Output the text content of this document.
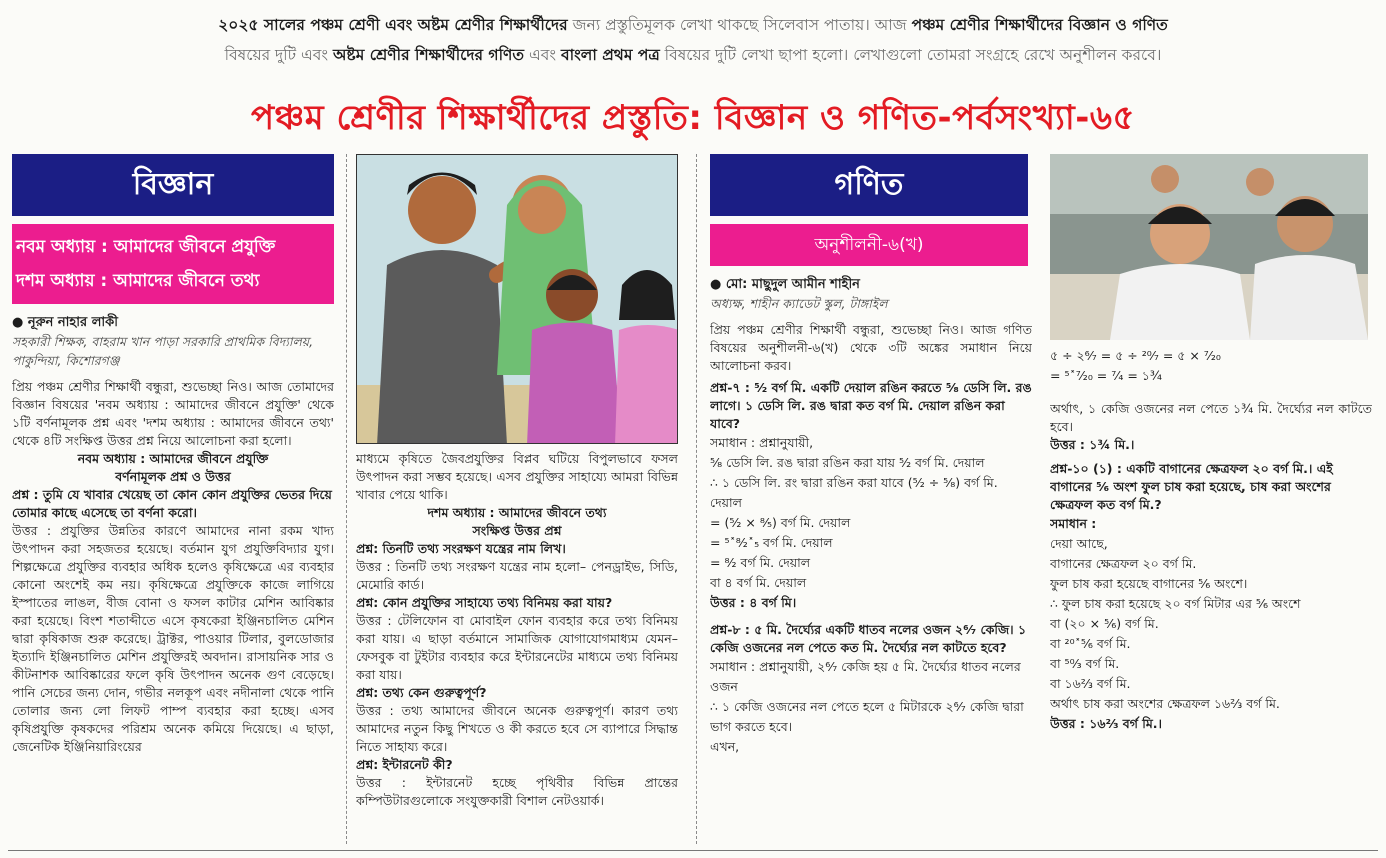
২০২৫ সালের পঞ্চম শ্রেণী এবং অষ্টম শ্রেণীর শিক্ষার্থীদের জন্য প্রস্তুতিমূলক লেখা থাকছে সিলেবাস পাতায়। আজ পঞ্চম শ্রেণীর শিক্ষার্থীদের বিজ্ঞান ও গণিত
বিষয়ের দুটি এবং অষ্টম শ্রেণীর শিক্ষার্থীদের গণিত এবং বাংলা প্রথম পত্র বিষয়ের দুটি লেখা ছাপা হলো। লেখাগুলো তোমরা সংগ্রহে রেখে অনুশীলন করবে।
পঞ্চম শ্রেণীর শিক্ষার্থীদের প্রস্তুতি: বিজ্ঞান ও গণিত-পর্বসংখ্যা-৬৫
বিজ্ঞান
নবম অধ্যায় : আমাদের জীবনে প্রযুক্তি
দশম অধ্যায় : আমাদের জীবনে তথ্য
● নূরুন নাহার লাকী
সহকারী শিক্ষক, বাহরাম খান পাড়া সরকারি প্রাথমিক বিদ্যালয়, পাকুন্দিয়া, কিশোরগঞ্জ

প্রিয় পঞ্চম শ্রেণীর শিক্ষার্থী বন্ধুরা, শুভেচ্ছা নিও। আজ তোমাদের বিজ্ঞান বিষয়ের 'নবম অধ্যায় : আমাদের জীবনে প্রযুক্তি' থেকে ১টি বর্ণনামূলক প্রশ্ন এবং 'দশম অধ্যায় : আমাদের জীবনে তথ্য' থেকে ৪টি সংক্ষিপ্ত উত্তর প্রশ্ন নিয়ে আলোচনা করা হলো।

নবম অধ্যায় : আমাদের জীবনে প্রযুক্তি

বর্ণনামূলক প্রশ্ন ও উত্তর

প্রশ্ন : তুমি যে খাবার খেয়েছ তা কোন কোন প্রযুক্তির ভেতর দিয়ে তোমার কাছে এসেছে তা বর্ণনা করো।

উত্তর : প্রযুক্তির উন্নতির কারণে আমাদের নানা রকম খাদ্য উৎপাদন করা সহজতর হয়েছে। বর্তমান যুগ প্রযুক্তিবিদ্যার যুগ। শিল্পক্ষেত্রে প্রযুক্তির ব্যবহার অধিক হলেও কৃষিক্ষেত্রে এর ব্যবহার কোনো অংশেই কম নয়। কৃষিক্ষেত্রে প্রযুক্তিকে কাজে লাগিয়ে ইস্পাতের লাঙল, বীজ বোনা ও ফসল কাটার মেশিন আবিষ্কার করা হয়েছে। বিংশ শতাব্দীতে এসে কৃষকেরা ইঞ্জিনচালিত মেশিন দ্বারা কৃষিকাজ শুরু করেছে। ট্রাক্টর, পাওয়ার টিলার, বুলডোজার ইত্যাদি ইঞ্জিনচালিত মেশিন প্রযুক্তিরই অবদান। রাসায়নিক সার ও কীটনাশক আবিষ্কারের ফলে কৃষি উৎপাদন অনেক গুণ বেড়েছে। পানি সেচের জন্য দোন, গভীর নলকূপ এবং নদীনালা থেকে পানি তোলার জন্য লো লিফট পাম্প ব্যবহার করা হচ্ছে। এসব কৃষিপ্রযুক্তি কৃষকদের পরিশ্রম অনেক কমিয়ে দিয়েছে। এ ছাড়া, জেনেটিক ইঞ্জিনিয়ারিংয়ের

মাধ্যমে কৃষিতে জৈবপ্রযুক্তির বিপ্লব ঘটিয়ে বিপুলভাবে ফসল উৎপাদন করা সম্ভব হয়েছে। এসব প্রযুক্তির সাহায্যে আমরা বিভিন্ন খাবার পেয়ে থাকি।

দশম অধ্যায় : আমাদের জীবনে তথ্য

সংক্ষিপ্ত উত্তর প্রশ্ন

প্রশ্ন: তিনটি তথ্য সংরক্ষণ যন্ত্রের নাম লিখ।

উত্তর : তিনটি তথ্য সংরক্ষণ যন্ত্রের নাম হলো– পেনড্রাইভ, সিডি, মেমোরি কার্ড।

প্রশ্ন: কোন প্রযুক্তির সাহায্যে তথ্য বিনিময় করা যায়?

উত্তর : টেলিফোন বা মোবাইল ফোন ব্যবহার করে তথ্য বিনিময় করা যায়। এ ছাড়া বর্তমানে সামাজিক যোগাযোগমাধ্যম যেমন– ফেসবুক বা টুইটার ব্যবহার করে ইন্টারনেটের মাধ্যমে তথ্য বিনিময় করা যায়।

প্রশ্ন: তথ্য কেন গুরুত্বপূর্ণ?

উত্তর : তথ্য আমাদের জীবনে অনেক গুরুত্বপূর্ণ। কারণ তথ্য আমাদের নতুন কিছু শিখতে ও কী করতে হবে সে ব্যাপারে সিদ্ধান্ত নিতে সাহায্য করে।

প্রশ্ন: ইন্টারনেট কী?

উত্তর : ইন্টারনেট হচ্ছে পৃথিবীর বিভিন্ন প্রান্তের কম্পিউটারগুলোকে সংযুক্তকারী বিশাল নেটওয়ার্ক।

গণিত
অনুশীলনী-৬(খ)
● মো: মাছুদুল আমীন শাহীন
অধ্যক্ষ, শাহীন ক্যাডেট স্কুল, টাঙ্গাইল

প্রিয় পঞ্চম শ্রেণীর শিক্ষার্থী বন্ধুরা, শুভেচ্ছা নিও। আজ গণিত বিষয়ের অনুশীলনী-৬(খ) থেকে ৩টি অঙ্কের সমাধান নিয়ে আলোচনা করব।

প্রশ্ন-৭ : ⁵⁄₂ বর্গ মি. একটি দেয়াল রঙিন করতে ⁵⁄₈ ডেসি লি. রঙ লাগে। ১ ডেসি লি. রঙ দ্বারা কত বর্গ মি. দেয়াল রঙিন করা যাবে?

সমাধান : প্রশ্নানুযায়ী,

⁵⁄₈ ডেসি লি. রঙ দ্বারা রঙিন করা যায় ⁵⁄₂ বর্গ মি. দেয়াল

∴ ১ ডেসি লি. রং দ্বারা রঙিন করা যাবে (⁵⁄₂ ÷ ⁵⁄₈) বর্গ মি. দেয়াল

= (⁵⁄₂ × ⁸⁄₅) বর্গ মি. দেয়াল

= ⁵˟⁸⁄₂˟₅ বর্গ মি. দেয়াল

= ⁸⁄₂ বর্গ মি. দেয়াল

বা ৪ বর্গ মি. দেয়াল

উত্তর : ৪ বর্গ মি।

প্রশ্ন-৮ : ৫ মি. দৈর্ঘ্যের একটি ধাতব নলের ওজন ২⁶⁄₇ কেজি। ১ কেজি ওজনের নল পেতে কত মি. দৈর্ঘ্যের নল কাটতে হবে?

সমাধান : প্রশ্নানুযায়ী, ২⁶⁄₇ কেজি হয় ৫ মি. দৈর্ঘ্যের ধাতব নলের ওজন

∴ ১ কেজি ওজনের নল পেতে হলে ৫ মিটারকে ২⁶⁄₇ কেজি দ্বারা ভাগ করতে হবে।

এখন,

৫ ÷ ২⁶⁄₇ = ৫ ÷ ²⁰⁄₇ = ৫ × ⁷⁄₂₀

= ⁵˟⁷⁄₂₀ = ⁷⁄₄ = ১¾

অর্থাৎ, ১ কেজি ওজনের নল পেতে ১¾ মি. দৈর্ঘ্যের নল কাটতে হবে।

উত্তর : ১¾ মি.।

প্রশ্ন-১০ (১) : একটি বাগানের ক্ষেত্রফল ২০ বর্গ মি.। এই বাগানের ⁵⁄₆ অংশ ফুল চাষ করা হয়েছে, চাষ করা অংশের ক্ষেত্রফল কত বর্গ মি.?

সমাধান :

দেয়া আছে,

বাগানের ক্ষেত্রফল ২০ বর্গ মি.

ফুল চাষ করা হয়েছে বাগানের ⁵⁄₆ অংশে।

∴ ফুল চাষ করা হয়েছে ২০ বর্গ মিটার এর ⁵⁄₆ অংশে

বা (২০ × ⁵⁄₆) বর্গ মি.

বা ²⁰˟⁵⁄₆ বর্গ মি.

বা ⁵⁰⁄₃ বর্গ মি.

বা ১৬⅔ বর্গ মি.

অর্থাৎ চাষ করা অংশের ক্ষেত্রফল ১৬⅔ বর্গ মি.

উত্তর : ১৬⅔ বর্গ মি.।
